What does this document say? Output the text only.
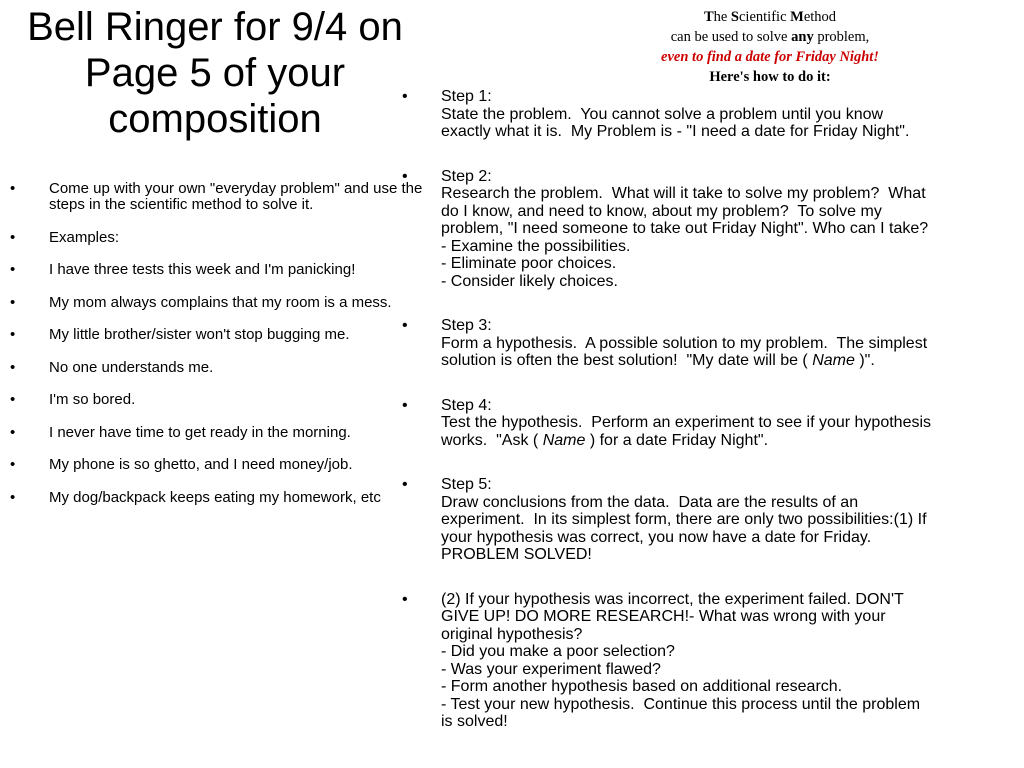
Bell Ringer for 9/4 on Page 5 of your composition
• Come up with your own "everyday problem" and use the steps in the scientific method to solve it.
• Examples:
• I have three tests this week and I'm panicking!
• My mom always complains that my room is a mess.
• My little brother/sister won't stop bugging me.
• No one understands me.
• I'm so bored.
• I never have time to get ready in the morning.
• My phone is so ghetto, and I need money/job.
• My dog/backpack keeps eating my homework, etc
The Scientific Method
can be used to solve any problem,
even to find a date for Friday Night!
Here's how to do it:
• Step 1:
State the problem.  You cannot solve a problem until you know
exactly what it is.  My Problem is - "I need a date for Friday Night".
• Step 2:
Research the problem.  What will it take to solve my problem?  What
do I know, and need to know, about my problem?  To solve my
problem, "I need someone to take out Friday Night". Who can I take?
- Examine the possibilities.
- Eliminate poor choices.
- Consider likely choices.
• Step 3:
Form a hypothesis.  A possible solution to my problem.  The simplest
solution is often the best solution!  "My date will be ( Name )".
• Step 4:
Test the hypothesis.  Perform an experiment to see if your hypothesis
works.  "Ask ( Name ) for a date Friday Night".
• Step 5:
Draw conclusions from the data.  Data are the results of an
experiment.  In its simplest form, there are only two possibilities:(1) If
your hypothesis was correct, you now have a date for Friday.
PROBLEM SOLVED!
• (2) If your hypothesis was incorrect, the experiment failed. DON'T
GIVE UP! DO MORE RESEARCH!- What was wrong with your
original hypothesis?
- Did you make a poor selection?
- Was your experiment flawed?
- Form another hypothesis based on additional research.
- Test your new hypothesis.  Continue this process until the problem
is solved!
